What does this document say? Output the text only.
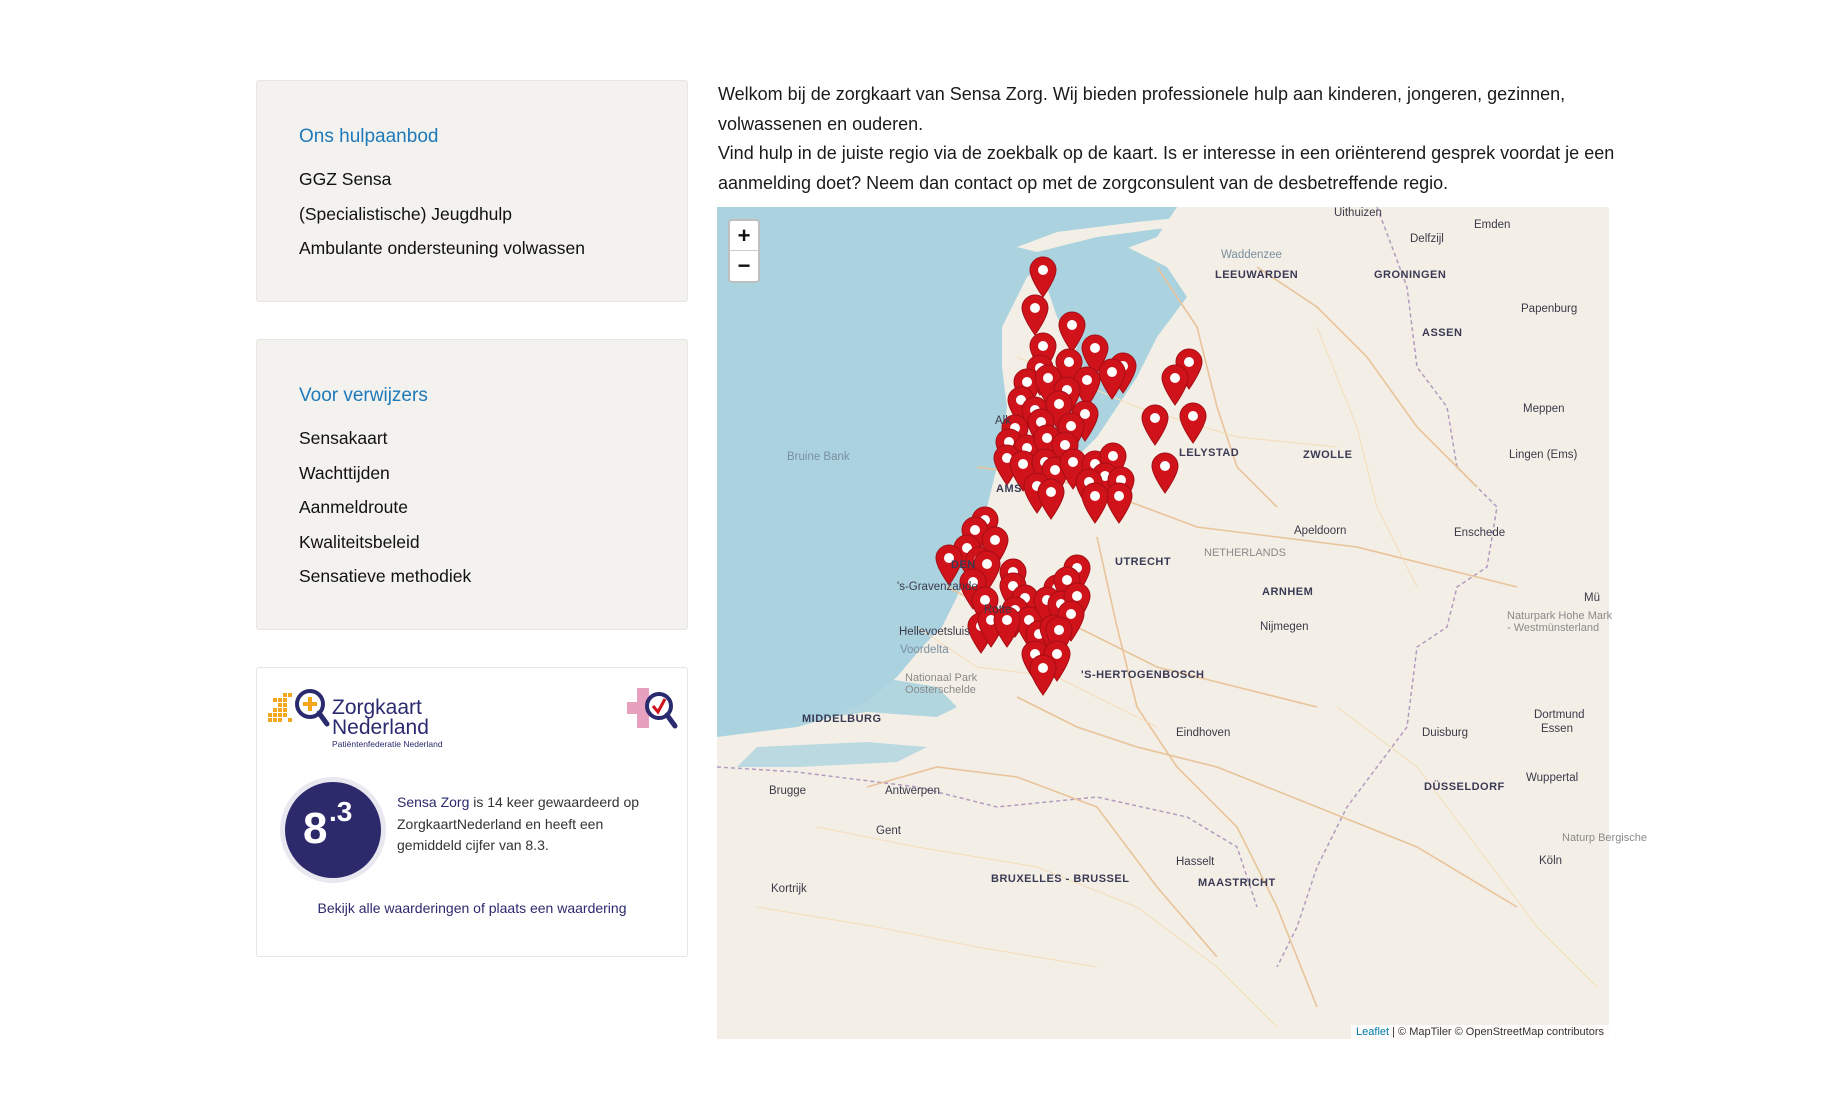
Ons hulpaanbod
GGZ Sensa
(Specialistische) Jeugdhulp
Ambulante ondersteuning volwassen
Voor verwijzers
Sensakaart
Wachttijden
Aanmeldroute
Kwaliteitsbeleid
Sensatieve methodiek
Zorgkaart
Nederland
Patiëntenfederatie Nederland
8 .3	Sensa Zorg is 14 keer gewaardeerd op ZorgkaartNederland en heeft een gemiddeld cijfer van 8.3.
Bekijk alle waarderingen of plaats een waardering
Welkom bij de zorgkaart van Sensa Zorg. Wij bieden professionele hulp aan kinderen, jongeren, gezinnen, volwassenen en ouderen.
Vind hulp in de juiste regio via de zoekbalk op de kaart. Is er interesse in een oriënterend gesprek voordat je een aanmelding doet? Neem dan contact op met de zorgconsulent van de desbetreffende regio.
Uithuizen
Emden
Delfzijl
Waddenzee
LEEUWARDEN	GRONINGEN
Papenburg
ASSEN
Meppen
Bruine Bank	LELYSTAD	ZWOLLE	Lingen (Ems)
Alk
AMS
Apeldoorn	Enschede
NETHERLANDS
DEN	UTRECHT
's-Gravenzande	ARNHEM	Mü
Rotte
Hellevoetsluis	Nijmegen
Naturpark Hohe Mark - Westmünsterland
Voordelta
'S-HERTOGENBOSCH
Nationaal Park Oosterschelde
MIDDELBURG	Dortmund
Eindhoven	Duisburg	Essen
Brugge	Antwerpen	DÜSSELDORF
Wuppertal
Gent
Naturp Bergische
Hasselt	Köln
BRUXELLES - BRUSSEL	MAASTRICHT
Kortrijk
+
−
Leaflet | © MapTiler © OpenStreetMap contributors
